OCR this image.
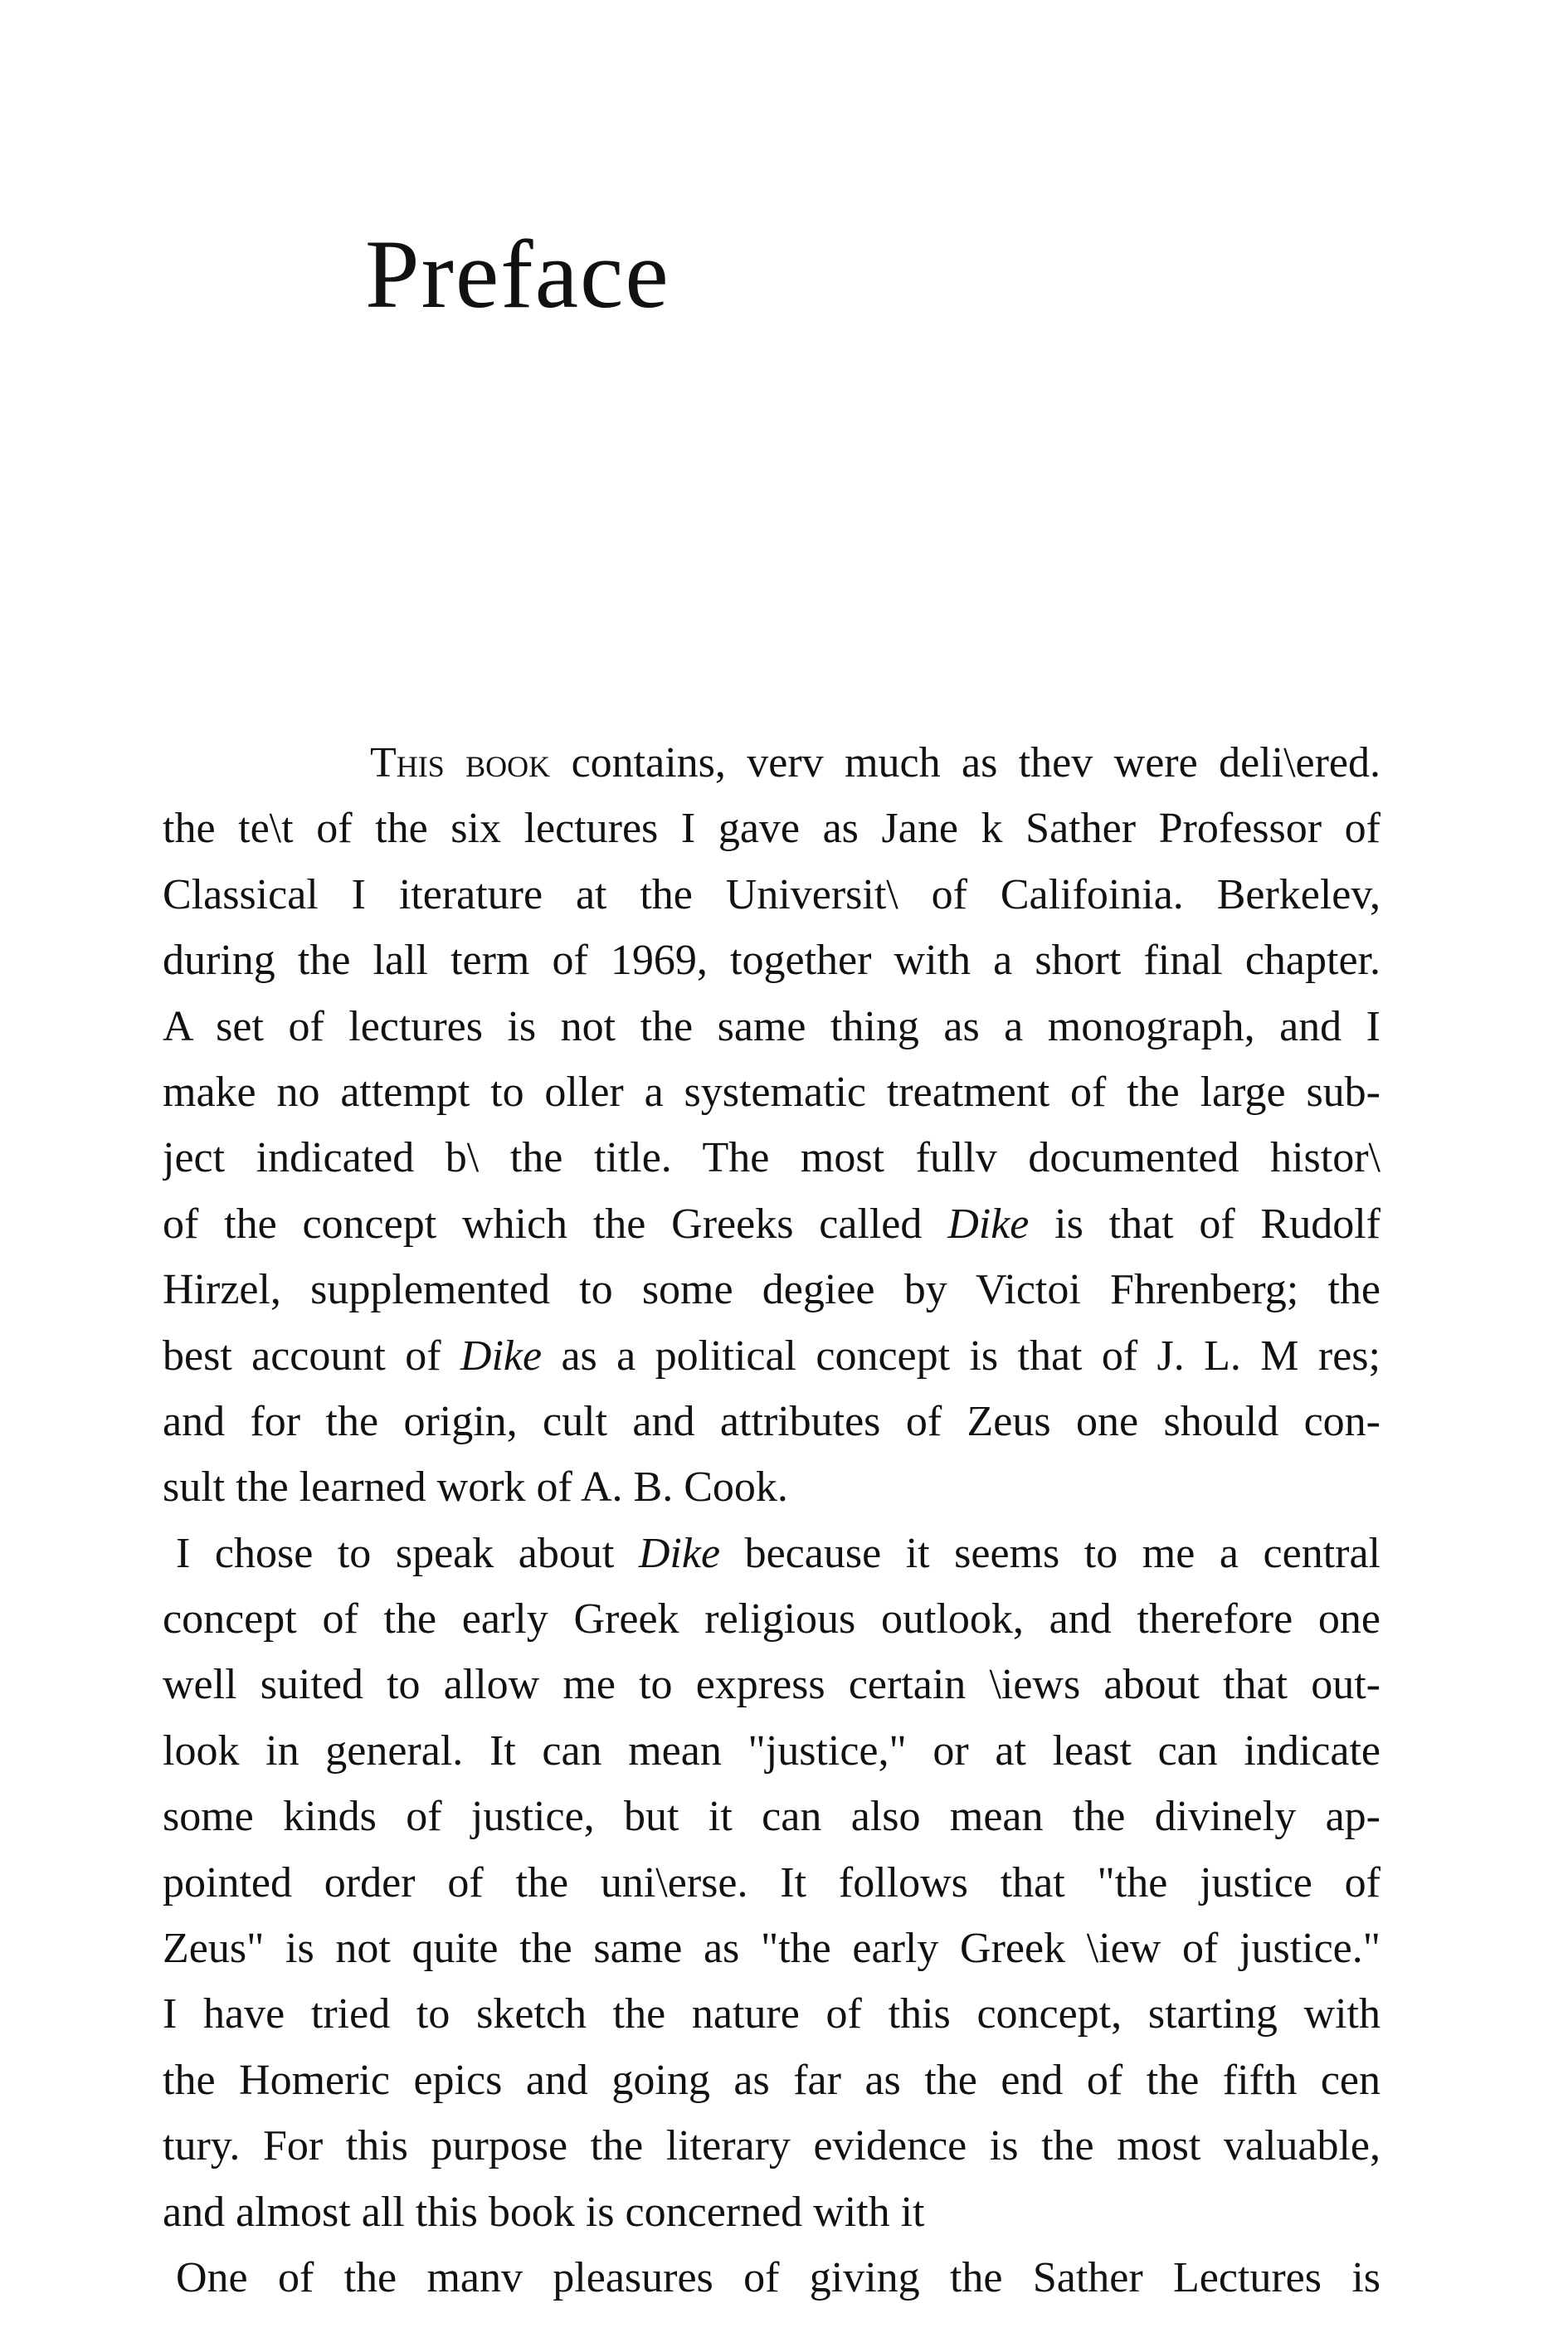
Preface
This book contains, verv much as thev were deli\ered.
the te\t of the six lectures I gave as Jane k Sather Professor of
Classical I iterature at the Universit\ of Califoinia. Berkelev,
during the lall term of 1969, together with a short final chapter.
A set of lectures is not the same thing as a monograph, and I
make no attempt to oller a systematic treatment of the large sub-
ject indicated b\ the title. The most fullv documented histor\
of the concept which the Greeks called Dike is that of Rudolf
Hirzel, supplemented to some degiee by Victoi Fhrenberg; the
best account of Dike as a political concept is that of J. L. M res;
and for the origin, cult and attributes of Zeus one should con-
sult the learned work of A. B. Cook.
I chose to speak about Dike because it seems to me a central
concept of the early Greek religious outlook, and therefore one
well suited to allow me to express certain \iews about that out-
look in general. It can mean "justice," or at least can indicate
some kinds of justice, but it can also mean the divinely ap-
pointed order of the uni\erse. It follows that "the justice of
Zeus" is not quite the same as "the early Greek \iew of justice."
I have tried to sketch the nature of this concept, starting with
the Homeric epics and going as far as the end of the fifth cen
tury. For this purpose the literary evidence is the most valuable,
and almost all this book is concerned with it
One of the manv pleasures of giving the Sather Lectures is
